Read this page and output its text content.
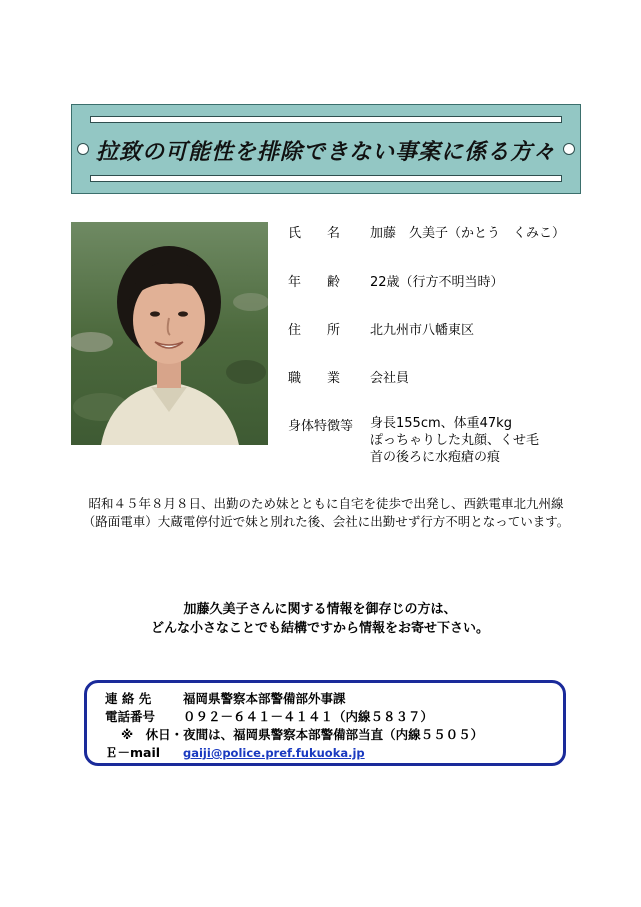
拉致の可能性を排除できない事案に係る方々
氏　　名 加藤　久美子（かとう　くみこ）
年　　齢 22歳（行方不明当時）
住　　所 北九州市八幡東区
職　　業 会社員
身体特徴等 身長155cm、体重47kg
ぽっちゃりした丸顔、くせ毛
首の後ろに水疱瘡の痕
昭和４５年８月８日、出勤のため妹とともに自宅を徒歩で出発し、西鉄電車北九州線
（路面電車）大蔵電停付近で妹と別れた後、会社に出勤せず行方不明となっています。
加藤久美子さんに関する情報を御存じの方は、
どんな小さなことでも結構ですから情報をお寄せ下さい。
連 絡 先	福岡県警察本部警備部外事課
電話番号 ０９２－６４１－４１４１（内線５８３７）
※　休日・夜間は、福岡県警察本部警備部当直（内線５５０５）
Ｅ－mail gaiji@police.pref.fukuoka.jp
